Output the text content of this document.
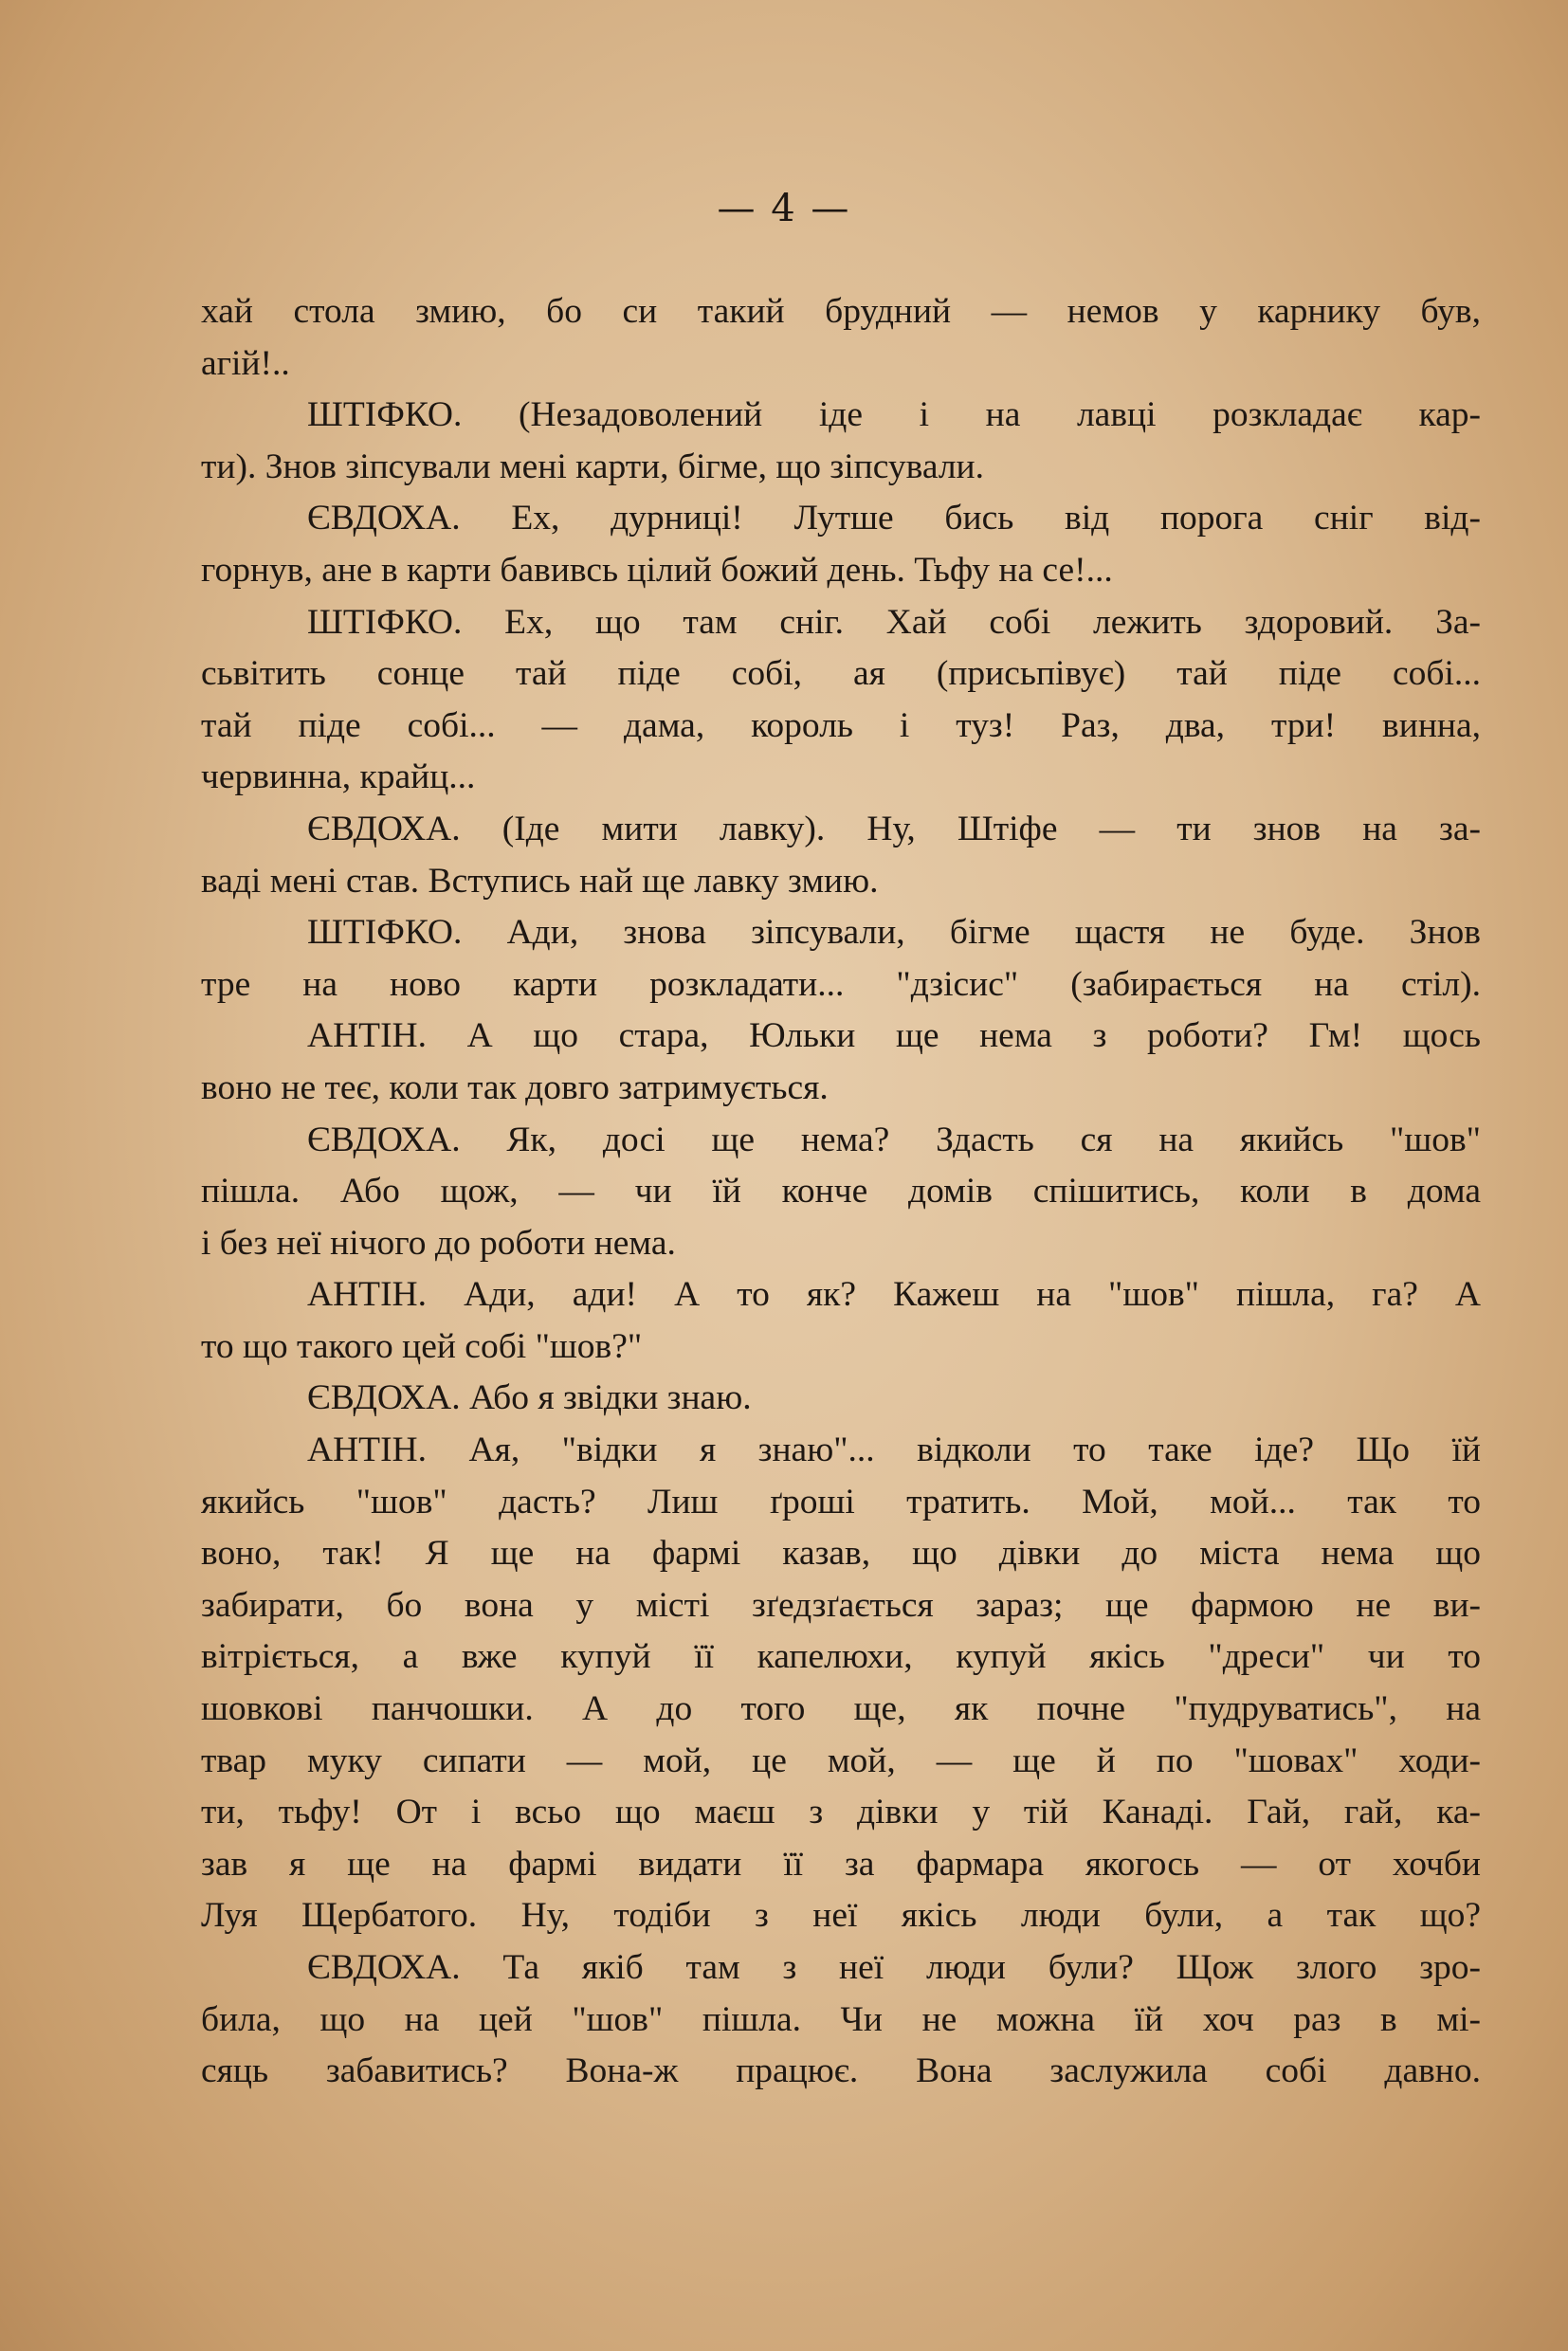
— 4 —
хай стола змию, бо си такий брудний — немов у карнику був,
агій!..
ШТІФКО. (Незадоволений іде і на лавці розкладає кар-
ти). Знов зіпсували мені карти, бігме, що зіпсували.
ЄВДОХА. Ех, дурниці! Лутше бись від порога сніг від-
горнув, ане в карти бавивсь цілий божий день. Тьфу на се!...
ШТІФКО. Ех, що там сніг. Хай собі лежить здоровий. За-
сьвітить сонце тай піде собі, ая (присьпівує) тай піде собі...
тай піде собі... — дама, король і туз! Раз, два, три! винна,
червинна, крайц...
ЄВДОХА. (Іде мити лавку). Ну, Штіфе — ти знов на за-
ваді мені став. Вступись най ще лавку змию.
ШТІФКО. Ади, знова зіпсували, бігме щастя не буде. Знов
тре на ново карти розкладати... "дзісис" (забирається на стіл).
АНТІН. А що стара, Юльки ще нема з роботи? Гм! щось
воно не теє, коли так довго затримується.
ЄВДОХА. Як, досі ще нема? Здасть ся на якийсь "шов"
пішла. Або щож, — чи їй конче домів спішитись, коли в дома
і без неї нічого до роботи нема.
АНТІН. Ади, ади! А то як? Кажеш на "шов" пішла, га? А
то що такого цей собі "шов?"
ЄВДОХА. Або я звідки знаю.
АНТІН. Ая, "відки я знаю"... відколи то таке іде? Що їй
якийсь "шов" дасть? Лиш ґроші тратить. Мой, мой... так то
воно, так! Я ще на фармі казав, що дівки до міста нема що
забирати, бо вона у місті зґедзґається зараз; ще фармою не ви-
вітріється, а вже купуй її капелюхи, купуй якісь "дреси" чи то
шовкові панчошки. А до того ще, як почне "пудруватись", на
твар муку сипати — мой, це мой, — ще й по "шовах" ходи-
ти, тьфу! От і всьо що маєш з дівки у тій Канаді. Гай, гай, ка-
зав я ще на фармі видати її за фармара якогось — от хочби
Луя Щербатого. Ну, тодіби з неї якісь люди були, а так що?
ЄВДОХА. Та якіб там з неї люди були? Щож злого зро-
била, що на цей "шов" пішла. Чи не можна їй хоч раз в мі-
сяць забавитись? Вона-ж працює. Вона заслужила собі давно.
